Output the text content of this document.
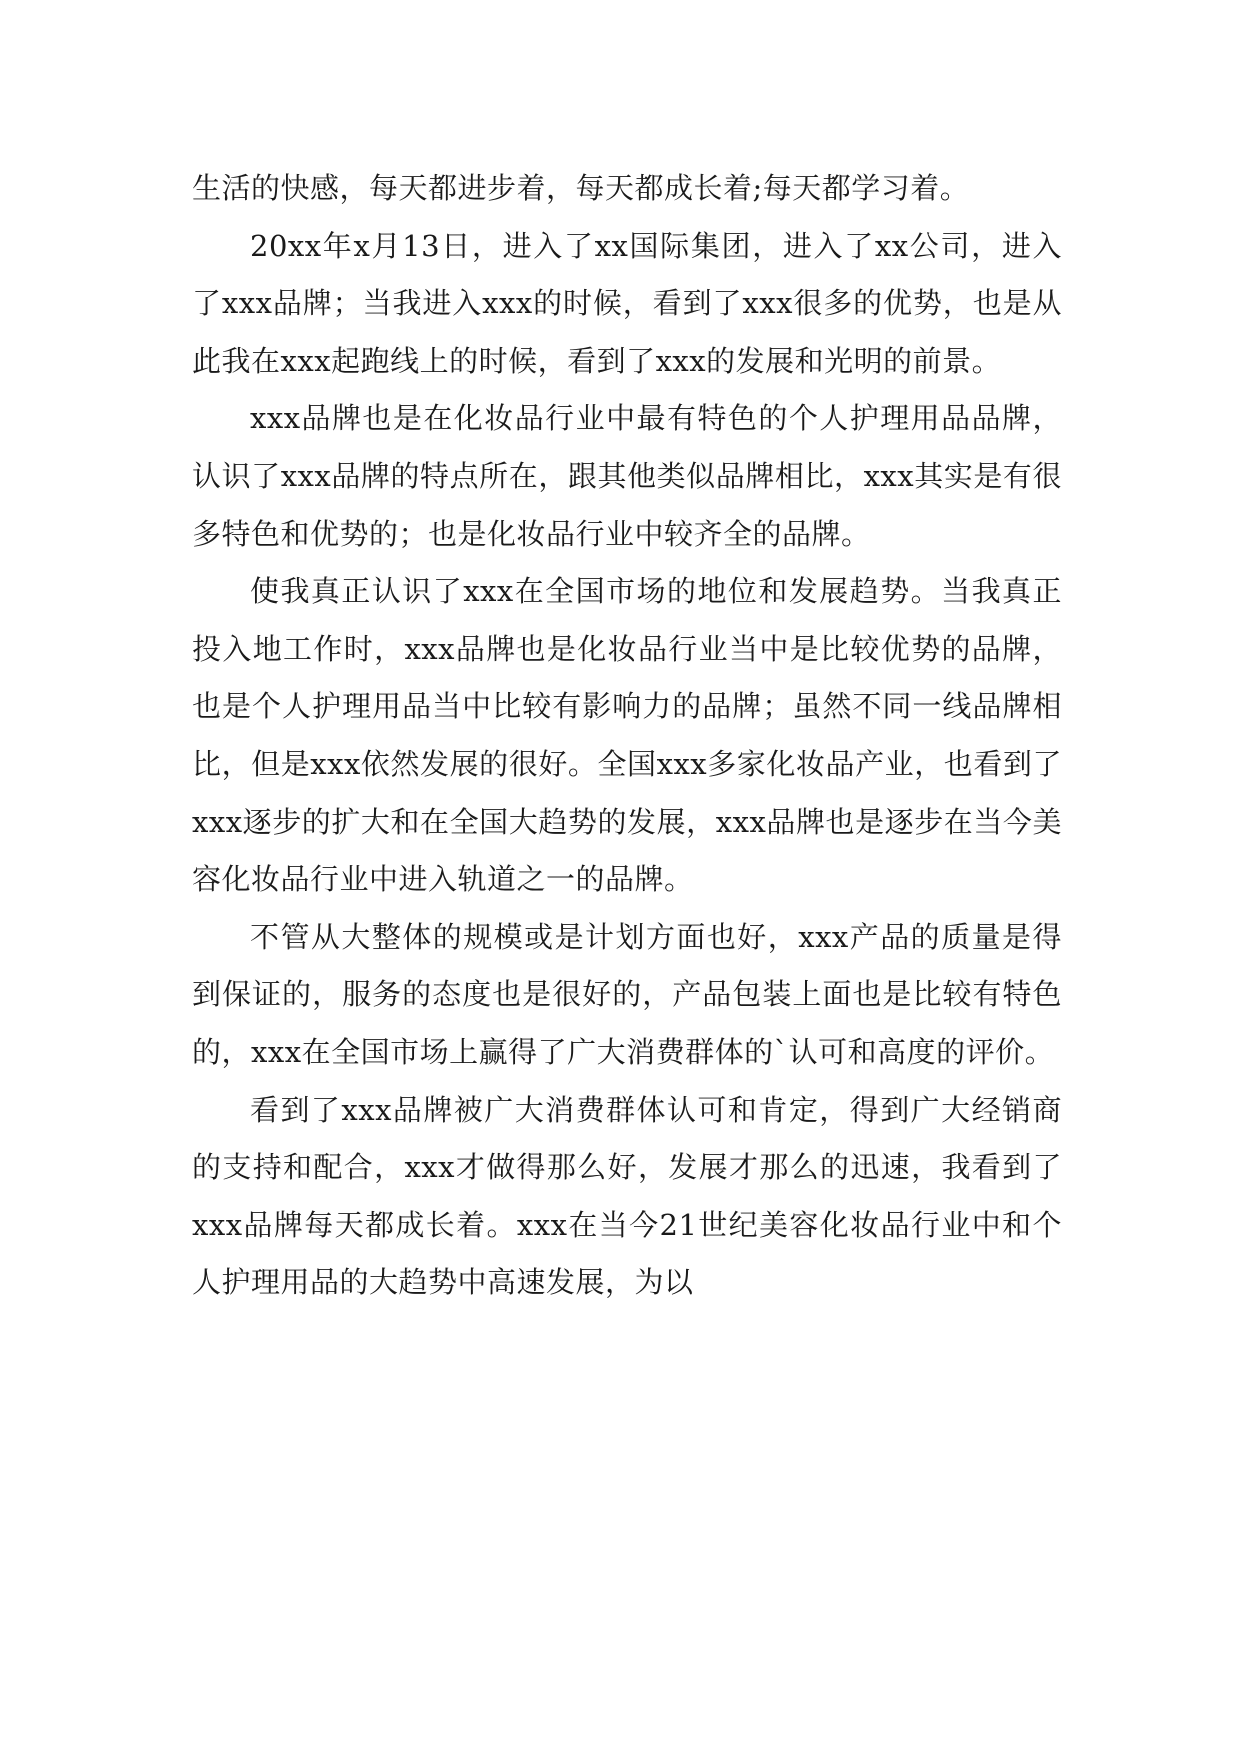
生活的快感，每天都进步着，每天都成长着;每天都学习着。

20xx年x月13日，进入了xx国际集团，进入了xx公司，进入了xxx品牌；当我进入xxx的时候，看到了xxx很多的优势，也是从此我在xxx起跑线上的时候，看到了xxx的发展和光明的前景。

xxx品牌也是在化妆品行业中最有特色的个人护理用品品牌，认识了xxx品牌的特点所在，跟其他类似品牌相比，xxx其实是有很多特色和优势的；也是化妆品行业中较齐全的品牌。

使我真正认识了xxx在全国市场的地位和发展趋势。当我真正投入地工作时，xxx品牌也是化妆品行业当中是比较优势的品牌，也是个人护理用品当中比较有影响力的品牌；虽然不同一线品牌相比，但是xxx依然发展的很好。全国xxx多家化妆品产业，也看到了xxx逐步的扩大和在全国大趋势的发展，xxx品牌也是逐步在当今美容化妆品行业中进入轨道之一的品牌。

不管从大整体的规模或是计划方面也好，xxx产品的质量是得到保证的，服务的态度也是很好的，产品包装上面也是比较有特色的，xxx在全国市场上赢得了广大消费群体的`认可和高度的评价。

看到了xxx品牌被广大消费群体认可和肯定，得到广大经销商的支持和配合，xxx才做得那么好，发展才那么的迅速，我看到了xxx品牌每天都成长着。xxx在当今21世纪美容化妆品行业中和个人护理用品的大趋势中高速发展，为以
